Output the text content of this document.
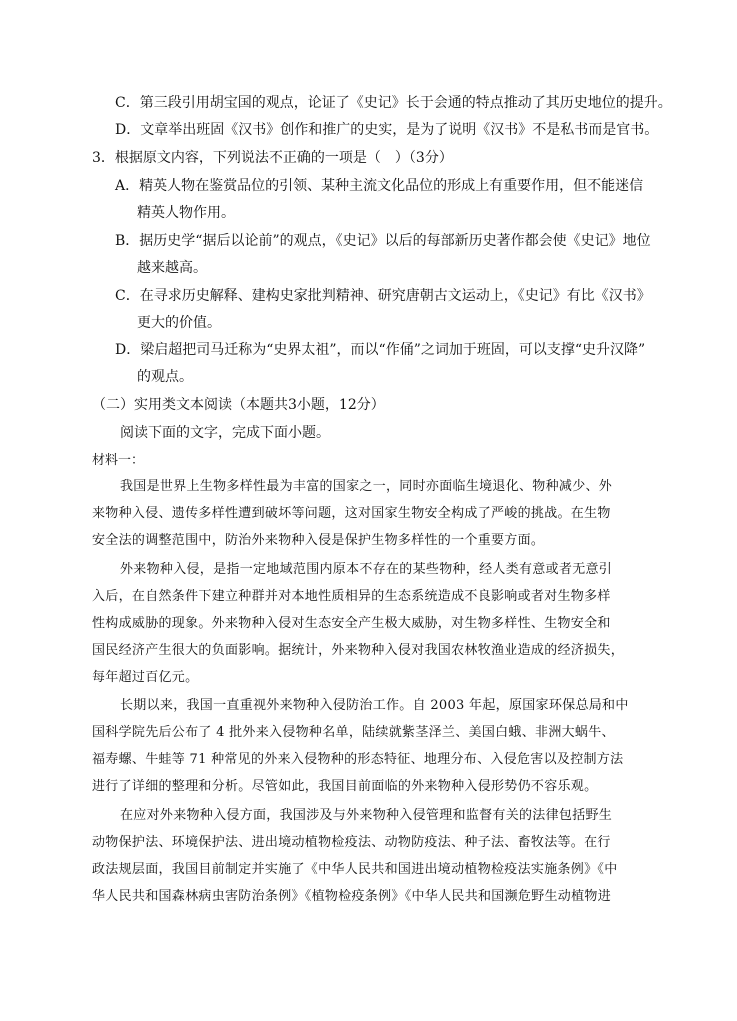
C．第三段引用胡宝国的观点，论证了《史记》长于会通的特点推动了其历史地位的提升。
D．文章举出班固《汉书》创作和推广的史实，是为了说明《汉书》不是私书而是官书。
3．根据原文内容，下列说法不正确的一项是（　）（3分）
A．精英人物在鉴赏品位的引领、某种主流文化品位的形成上有重要作用，但不能迷信
精英人物作用。
B．据历史学“据后以论前”的观点，《史记》以后的每部新历史著作都会使《史记》地位
越来越高。
C．在寻求历史解释、建构史家批判精神、研究唐朝古文运动上，《史记》有比《汉书》
更大的价值。
D．梁启超把司马迁称为“史界太祖”，而以“作俑”之词加于班固，可以支撑“史升汉降”
的观点。
（二）实用类文本阅读（本题共3小题，12分）
阅读下面的文字，完成下面小题。
材料一：
我国是世界上生物多样性最为丰富的国家之一，同时亦面临生境退化、物种减少、外
来物种入侵、遗传多样性遭到破坏等问题，这对国家生物安全构成了严峻的挑战。在生物
安全法的调整范围中，防治外来物种入侵是保护生物多样性的一个重要方面。
外来物种入侵，是指一定地域范围内原本不存在的某些物种，经人类有意或者无意引
入后，在自然条件下建立种群并对本地性质相异的生态系统造成不良影响或者对生物多样
性构成威胁的现象。外来物种入侵对生态安全产生极大威胁，对生物多样性、生物安全和
国民经济产生很大的负面影响。据统计，外来物种入侵对我国农林牧渔业造成的经济损失，
每年超过百亿元。
长期以来，我国一直重视外来物种入侵防治工作。自 2003 年起，原国家环保总局和中
国科学院先后公布了 4 批外来入侵物种名单，陆续就紫茎泽兰、美国白蛾、非洲大蜗牛、
福寿螺、牛蛙等 71 种常见的外来入侵物种的形态特征、地理分布、入侵危害以及控制方法
进行了详细的整理和分析。尽管如此，我国目前面临的外来物种入侵形势仍不容乐观。
在应对外来物种入侵方面，我国涉及与外来物种入侵管理和监督有关的法律包括野生
动物保护法、环境保护法、进出境动植物检疫法、动物防疫法、种子法、畜牧法等。在行
政法规层面，我国目前制定并实施了《中华人民共和国进出境动植物检疫法实施条例》《中
华人民共和国森林病虫害防治条例》《植物检疫条例》《中华人民共和国濒危野生动植物进
